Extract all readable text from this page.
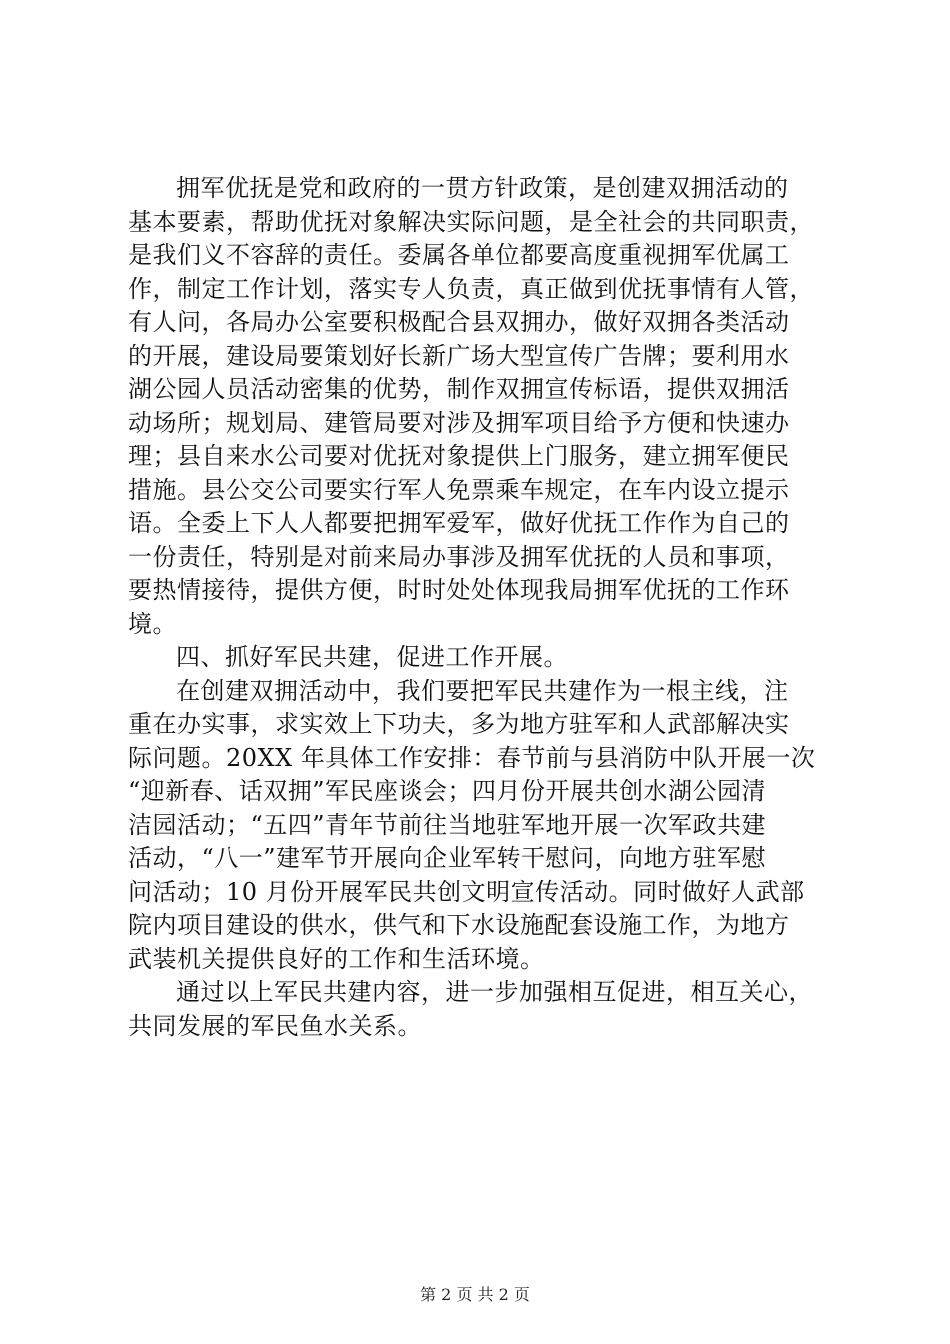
拥军优抚是党和政府的一贯方针政策，是创建双拥活动的
基本要素，帮助优抚对象解决实际问题，是全社会的共同职责，
是我们义不容辞的责任。委属各单位都要高度重视拥军优属工
作，制定工作计划，落实专人负责，真正做到优抚事情有人管，
有人问，各局办公室要积极配合县双拥办，做好双拥各类活动
的开展，建设局要策划好长新广场大型宣传广告牌；要利用水
湖公园人员活动密集的优势，制作双拥宣传标语，提供双拥活
动场所；规划局、建管局要对涉及拥军项目给予方便和快速办
理；县自来水公司要对优抚对象提供上门服务，建立拥军便民
措施。县公交公司要实行军人免票乘车规定，在车内设立提示
语。全委上下人人都要把拥军爱军，做好优抚工作作为自己的
一份责任，特别是对前来局办事涉及拥军优抚的人员和事项，
要热情接待，提供方便，时时处处体现我局拥军优抚的工作环
境。

四、抓好军民共建，促进工作开展。

在创建双拥活动中，我们要把军民共建作为一根主线，注
重在办实事，求实效上下功夫，多为地方驻军和人武部解决实
际问题。20XX 年具体工作安排：春节前与县消防中队开展一次
“迎新春、话双拥”军民座谈会；四月份开展共创水湖公园清
洁园活动；“五四”青年节前往当地驻军地开展一次军政共建
活动，“八一”建军节开展向企业军转干慰问，向地方驻军慰
问活动；10 月份开展军民共创文明宣传活动。同时做好人武部
院内项目建设的供水，供气和下水设施配套设施工作，为地方
武装机关提供良好的工作和生活环境。

通过以上军民共建内容，进一步加强相互促进，相互关心，
共同发展的军民鱼水关系。

第 2 页 共 2 页
